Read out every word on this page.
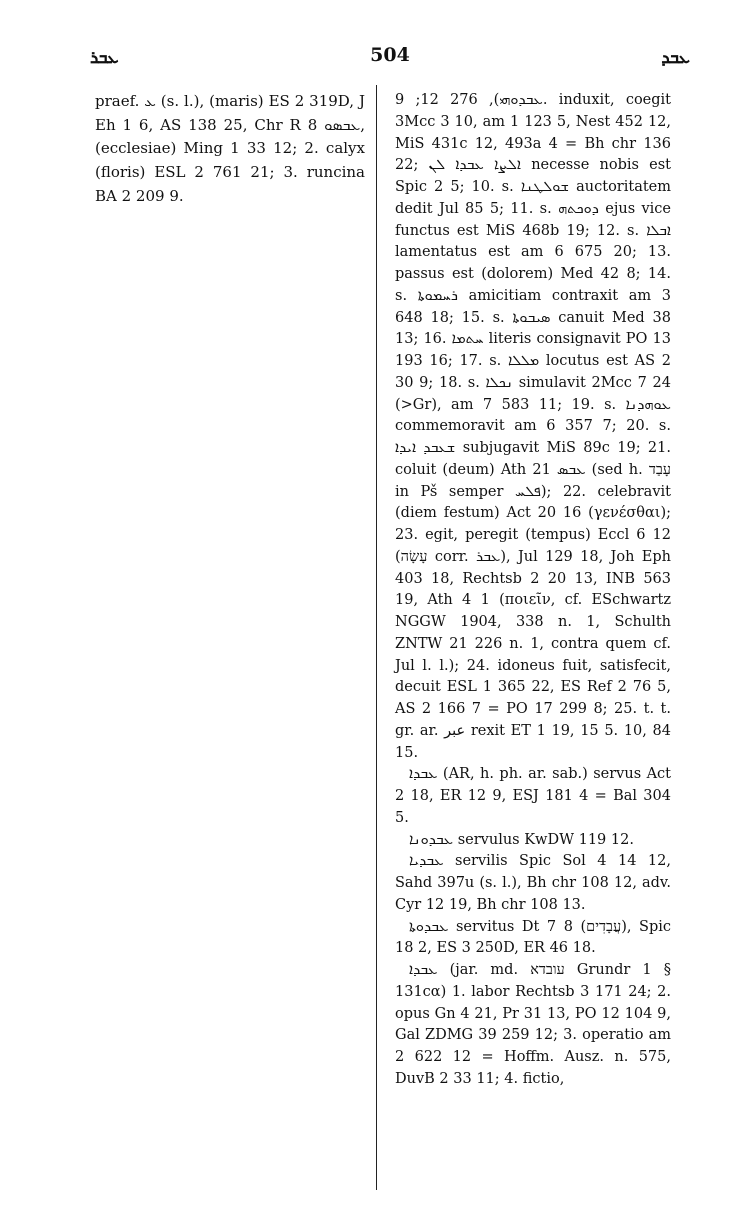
ܥܒܪ	504	ܥܒܕ

praef. ܥ (s. l.), (maris) ES 2 319D, J Eh 1 6, AS 138 25, Chr R ܥܒܣܘ 8, (ecclesiae) Ming 1 33 12; 2. calyx (floris) ESL 2 761 21; 3. runcina BA 2 209 9.

ܥܒܕܘܗܝ), 276 12; 9. induxit, coegit 3Mcc 3 10, am 1 123 5, Nest 452 12, MiS 431c 12, 493a 4 = Bh chr 136 22; ܐܠܨܐ ܥܒܕܐ ܠܢ necesse nobis est Spic 2 5; 10. s. ܫܘܠܛܢܐ auctoritatem dedit Jul 85 5; 11. s. ܕܘܟܬܗ ejus vice functus est MiS 468b 19; 12. s. ܐܒܠܐ lamentatus est am 6 675 20; 13. passus est (dolorem) Med 42 8; 14. s. ܪܚܡܘܬܐ amicitiam contraxit am 3 648 18; 15. s. ܣܝܒܘܬܐ canuit Med 38 13; 16. ܚܬܡܐ literis consignavit PO 13 193 16; 17. s. ܡܠܠܐ locutus est AS 2 30 9; 18. s. ܢܟܠܐ simulavit 2Mcc 7 24 (>Gr), am 7 583 11; 19. s. ܥܘܗܕܢܐ commemoravit am 6 357 7; 20. s. ܫܥܒܕ ܐܝܕܐ subjugavit MiS 89c 19; 21. coluit (deum) Ath ܥܒܣ 21 (sed h. עָבַד in Pš semper ܦܠܚ); 22. celebravit (diem festum) Act 20 16 (γενέσθαι); 23. egit, peregit (tempus) Eccl 6 12 (עָשָׂה corr. ܥܒܪ), Jul 129 18, Joh Eph 403 18, Rechtsb 2 20 13, INB 563 19, Ath 4 1 (ποιεῖν, cf. ESchwartz NGGW 1904, 338 n. 1, Schulth ZNTW 21 226 n. 1, contra quem cf. Jul l. l.); 24. idoneus fuit, satisfecit, decuit ESL 1 365 22, ES Ref 2 76 5, AS 2 166 7 = PO 17 299 8; 25. t. t. gr. ar. عبر rexit ET 1 19, 15 5. 10, 84 15.

ܥܒܕܐ (AR, h. ph. ar. sab.) servus Act 2 18, ER 12 9, ESJ 181 4 = Bal 304 5.

ܥܒܕܘܢܐ servulus KwDW 119 12.

ܥܒܕܝܐ servilis Spic Sol 4 14 12, Sahd 397u (s. l.), Bh chr 108 12, adv. Cyr 12 19, Bh chr 108 13.

ܥܒܕܘܬܐ servitus Dt 7 8 (עֲבָדִים), Spic 18 2, ES 3 250D, ER 46 18.

ܥܒܕܐ (jar. md. עובדא Grundr 1 § 131cα) 1. labor Rechtsb 3 171 24; 2. opus Gn 4 21, Pr 31 13, PO 12 104 9, Gal ZDMG 39 259 12; 3. operatio am 2 622 12 = Hoffm. Ausz. n. 575, DuvB 2 33 11; 4. fictio,
